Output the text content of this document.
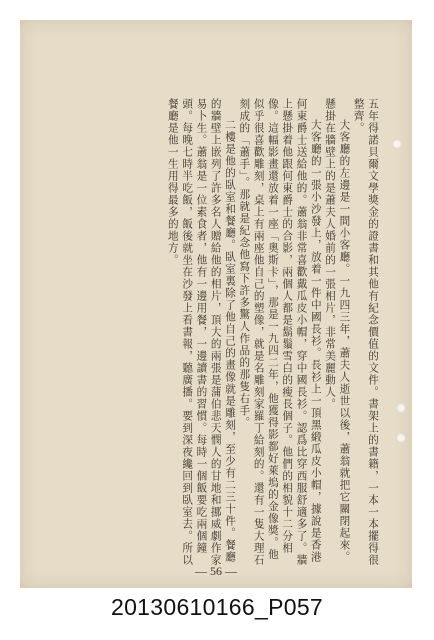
五年得諾貝爾文學獎金的證書和其他有紀念價值的文件。書架上的書籍，一本一本擺得很整齊。

大客廳的左邊是一間小客廳。一九四三年，蕭夫人逝世以後，蕭翁就把它關閉起來。懸掛在牆壁上的是蕭夫人婚前的一張相片，非常美麗動人。

大客廳的一張小沙發上，放着一件中國長衫。長衫上一頂黑緞瓜皮小帽，據說是香港何東爵士送給他的。蕭翁非常喜歡戴瓜皮小帽，穿中國長衫。認爲比穿西服舒適多了。牆上懸掛着他跟何東爵士的合影，兩個人都是鬍鬚雪白的瘦長個子。他們的相貌十二分相像。這幅影畫還放着一座「奧斯卡」，那是一九四二年，他獲得影都好萊塢的金像獎。他似乎很喜歡雕刻，桌上有兩座他自己的塑像，就是名雕刻家羅丁給刻的。還有一隻大理石刻成的「蕭手」。那就是紀念他寫下許多驚人作品的那隻右手。

二樓是他的臥室和餐廳。臥室裏除了他自己的畫像就是雕刻，至少有二三十件。餐廳的牆壁上嵌列了許多名人贈給他的相片，頂大的兩張是蒲伯悲天憫人的甘地和挪威劇作家易卜生。蕭翁是一位素食者，他有一邊用餐，一邊讀書的習慣。每時一個飯要吃兩個鐘頭。每晚七時半吃飯，飯後就坐在沙發上看書報，聽廣播。要到深夜纔回到臥室去。所以餐廳是他一生用得最多的地方。

— 56 —
20130610166_P057
